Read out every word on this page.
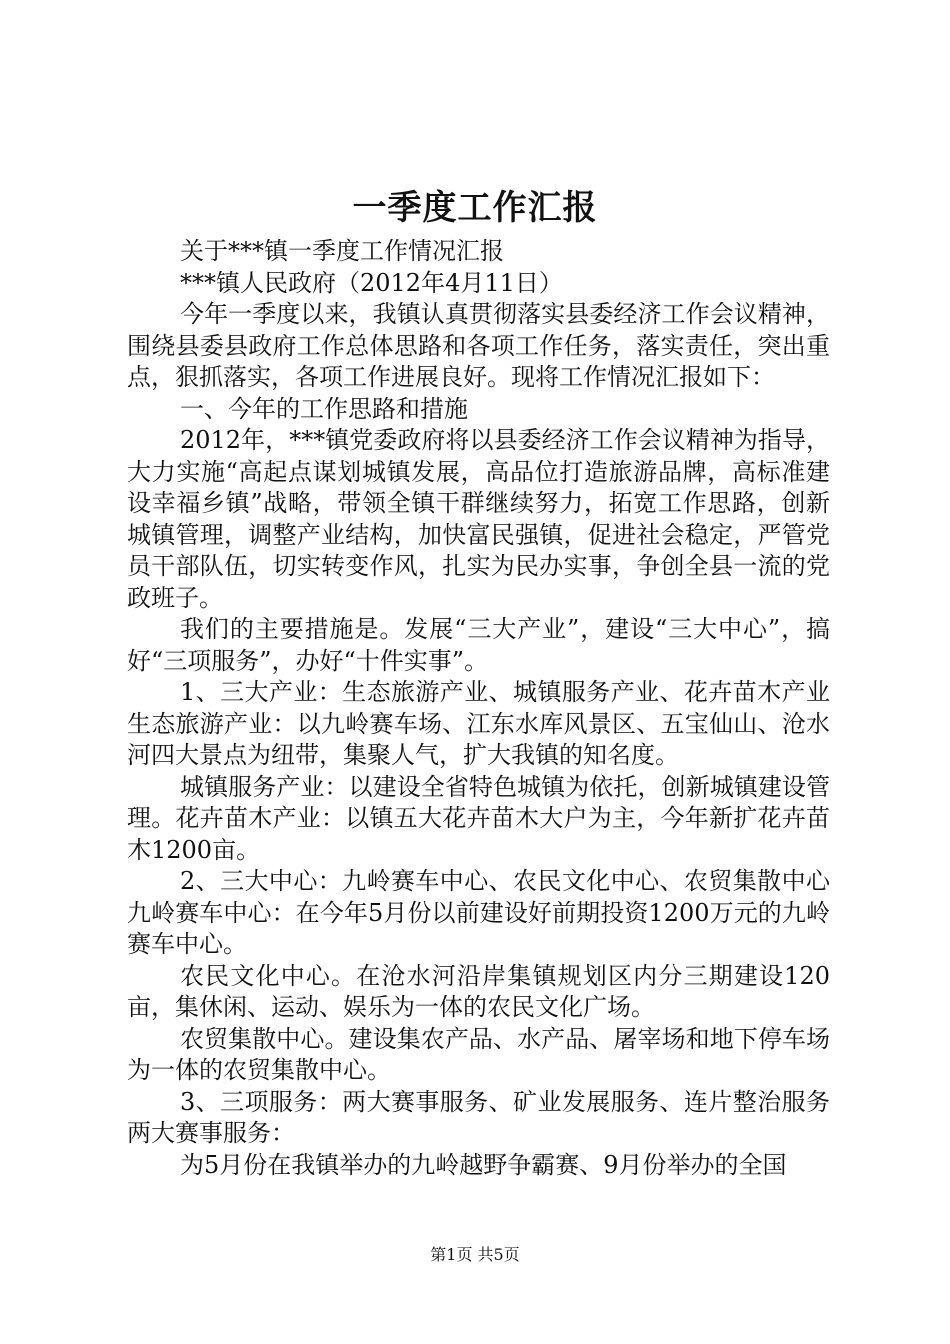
一季度工作汇报

关于***镇一季度工作情况汇报

***镇人民政府（2012年4月11日）

今年一季度以来，我镇认真贯彻落实县委经济工作会议精神，围绕县委县政府工作总体思路和各项工作任务，落实责任，突出重点，狠抓落实，各项工作进展良好。现将工作情况汇报如下：

一、今年的工作思路和措施

2012年，***镇党委政府将以县委经济工作会议精神为指导，大力实施“高起点谋划城镇发展，高品位打造旅游品牌，高标准建设幸福乡镇”战略，带领全镇干群继续努力，拓宽工作思路，创新城镇管理，调整产业结构，加快富民强镇，促进社会稳定，严管党员干部队伍，切实转变作风，扎实为民办实事，争创全县一流的党政班子。

我们的主要措施是。发展“三大产业”，建设“三大中心”，搞好“三项服务”，办好“十件实事”。

1、三大产业：生态旅游产业、城镇服务产业、花卉苗木产业生态旅游产业：以九岭赛车场、江东水库风景区、五宝仙山、沧水河四大景点为纽带，集聚人气，扩大我镇的知名度。

城镇服务产业：以建设全省特色城镇为依托，创新城镇建设管理。花卉苗木产业：以镇五大花卉苗木大户为主，今年新扩花卉苗木1200亩。

2、三大中心：九岭赛车中心、农民文化中心、农贸集散中心九岭赛车中心：在今年5月份以前建设好前期投资1200万元的九岭赛车中心。

农民文化中心。在沧水河沿岸集镇规划区内分三期建设120亩，集休闲、运动、娱乐为一体的农民文化广场。

农贸集散中心。建设集农产品、水产品、屠宰场和地下停车场为一体的农贸集散中心。

3、三项服务：两大赛事服务、矿业发展服务、连片整治服务两大赛事服务：

为5月份在我镇举办的九岭越野争霸赛、9月份举办的全国

第1页 共5页
